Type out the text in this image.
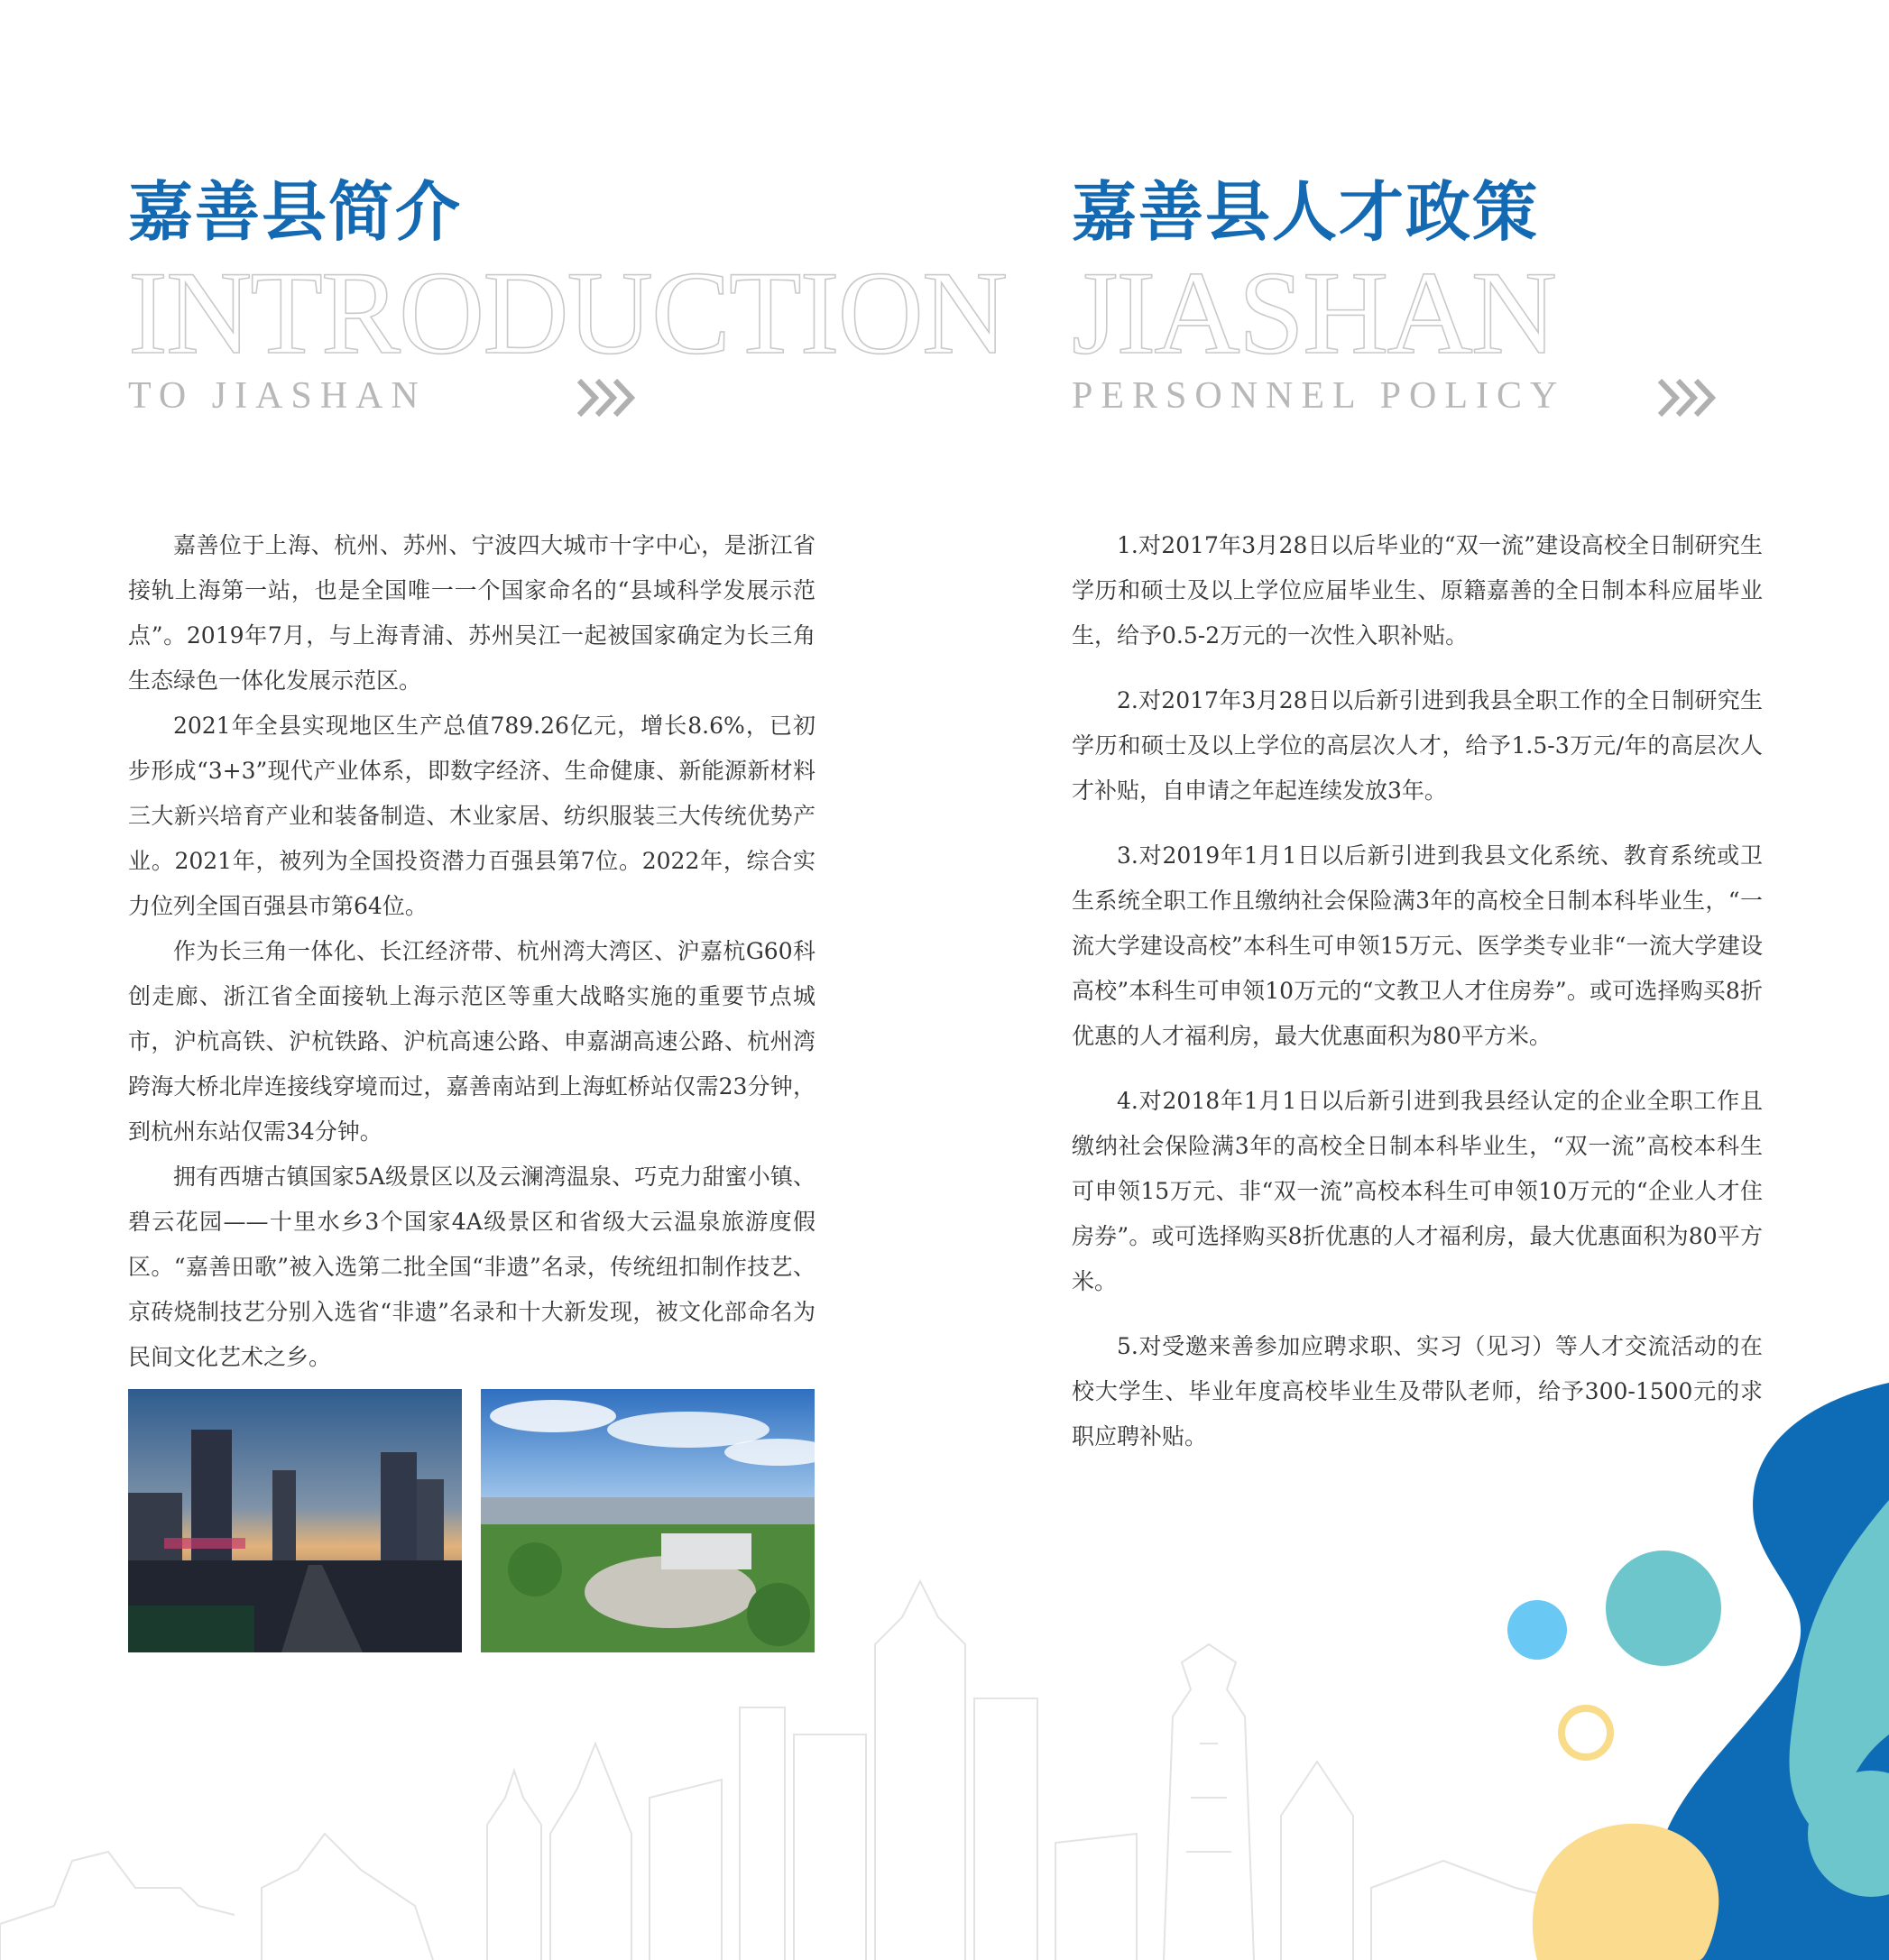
嘉善县简介
INTRODUCTION
TO JIASHAN

嘉善位于上海、杭州、苏州、宁波四大城市十字中心，是浙江省接轨上海第一站，也是全国唯一一个国家命名的“县域科学发展示范点”。2019年7月，与上海青浦、苏州吴江一起被国家确定为长三角生态绿色一体化发展示范区。

2021年全县实现地区生产总值789.26亿元，增长8.6%，已初步形成“3+3”现代产业体系，即数字经济、生命健康、新能源新材料三大新兴培育产业和装备制造、木业家居、纺织服装三大传统优势产业。2021年，被列为全国投资潜力百强县第7位。2022年，综合实力位列全国百强县市第64位。

作为长三角一体化、长江经济带、杭州湾大湾区、沪嘉杭G60科创走廊、浙江省全面接轨上海示范区等重大战略实施的重要节点城市，沪杭高铁、沪杭铁路、沪杭高速公路、申嘉湖高速公路、杭州湾跨海大桥北岸连接线穿境而过，嘉善南站到上海虹桥站仅需23分钟，到杭州东站仅需34分钟。

拥有西塘古镇国家5A级景区以及云澜湾温泉、巧克力甜蜜小镇、碧云花园——十里水乡3个国家4A级景区和省级大云温泉旅游度假区。“嘉善田歌”被入选第二批全国“非遗”名录，传统纽扣制作技艺、京砖烧制技艺分别入选省“非遗”名录和十大新发现，被文化部命名为民间文化艺术之乡。

嘉善县人才政策
JIASHAN
PERSONNEL POLICY

1.对2017年3月28日以后毕业的“双一流”建设高校全日制研究生学历和硕士及以上学位应届毕业生、原籍嘉善的全日制本科应届毕业生，给予0.5-2万元的一次性入职补贴。

2.对2017年3月28日以后新引进到我县全职工作的全日制研究生学历和硕士及以上学位的高层次人才，给予1.5-3万元/年的高层次人才补贴，自申请之年起连续发放3年。

3.对2019年1月1日以后新引进到我县文化系统、教育系统或卫生系统全职工作且缴纳社会保险满3年的高校全日制本科毕业生，“一流大学建设高校”本科生可申领15万元、医学类专业非“一流大学建设高校”本科生可申领10万元的“文教卫人才住房券”。或可选择购买8折优惠的人才福利房，最大优惠面积为80平方米。

4.对2018年1月1日以后新引进到我县经认定的企业全职工作且缴纳社会保险满3年的高校全日制本科毕业生，“双一流”高校本科生可申领15万元、非“双一流”高校本科生可申领10万元的“企业人才住房券”。或可选择购买8折优惠的人才福利房，最大优惠面积为80平方米。

5.对受邀来善参加应聘求职、实习（见习）等人才交流活动的在校大学生、毕业年度高校毕业生及带队老师，给予300-1500元的求职应聘补贴。
